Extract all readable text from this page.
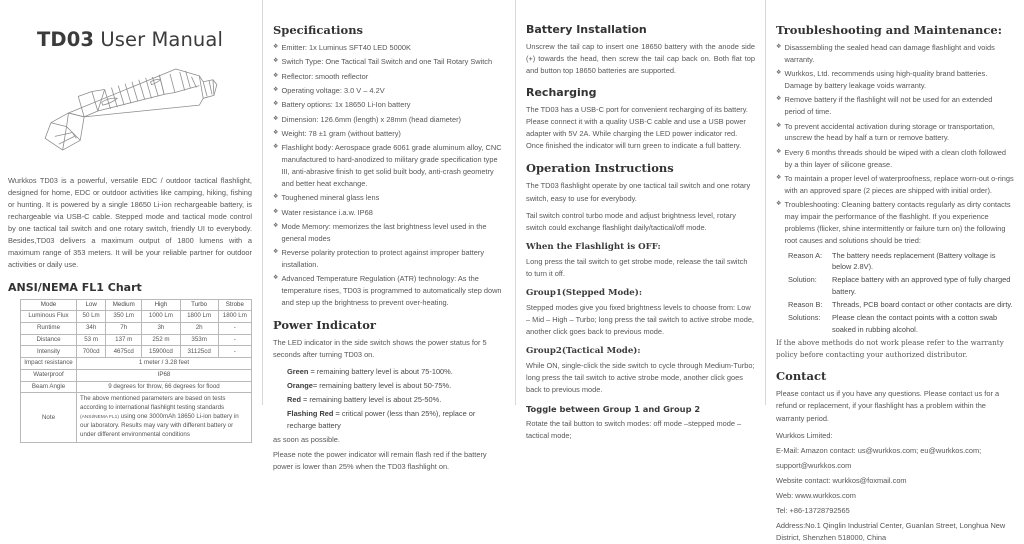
TD03 User Manual

Wurkkos TD03 is a powerful, versatile EDC / outdoor tactical flashlight, designed for home, EDC or outdoor activities like camping, hiking, fishing or hunting. It is powered by a single 18650 Li-ion rechargeable battery, is rechargeable via USB-C cable. Stepped mode and tactical mode control by one tactical tail switch and one rotary switch, friendly UI to everybody. Besides,TD03 delivers a maximum output of 1800 lumens with a maximum range of 353 meters. It will be your reliable partner for outdoor activities or daily use.

ANSI/NEMA FL1 Chart
Mode	Low	Medium	High	Turbo	Strobe
Luminous Flux	50 Lm	350 Lm	1000 Lm	1800 Lm	1800 Lm
Runtime	34h	7h	3h	2h	-
Distance	53 m	137 m	252 m	353m	-
Intensity	700cd	4675cd	15900cd	31125cd	-
Impact resistance	1 meter / 3.28 feet				
Waterproof	IP68				
Beam Angle	9 degrees for throw, 66 degrees for flood				
Note	The above mentioned parameters are based on tests according to international flashlight testing standards (ANSI/NEMA FL1) using one 3000mAh 18650 Li-ion battery in our laboratory. Results may vary with different battery or under different environmental conditions				
Specifications
❖ Emitter: 1x Luminus SFT40 LED 5000K
❖ Switch Type: One Tactical Tail Switch and one Tail Rotary Switch
❖ Reflector: smooth reflector
❖ Operating voltage: 3.0 V – 4.2V
❖ Battery options: 1x 18650 Li-Ion battery
❖ Dimension: 126.6mm (length) x 28mm (head diameter)
❖ Weight: 78 ±1 gram (without battery)
❖ Flashlight body: Aerospace grade 6061 grade aluminum alloy, CNC manufactured to hard-anodized to military grade specification type III, anti-abrasive finish to get solid built body, anti-crash geometry and better heat exchange.
❖ Toughened mineral glass lens
❖ Water resistance i.a.w. IP68
❖ Mode Memory: memorizes the last brightness level used in the general modes
❖ Reverse polarity protection to protect against improper battery installation.
❖ Advanced Temperature Regulation (ATR) technology: As the temperature rises, TD03 is programmed to automatically step down and step up the brightness to prevent over-heating.
Power Indicator

The LED indicator in the side switch shows the power status for 5 seconds after turning TD03 on.

Green = remaining battery level is about 75-100%.
Orange= remaining battery level is about 50-75%.
Red = remaining battery level is about 25-50%.
Flashing Red = critical power (less than 25%), replace or recharge battery

as soon as possible.

Please note the power indicator will remain flash red if the battery power is lower than 25% when the TD03 flashlight on.

Battery Installation

Unscrew the tail cap to insert one 18650 battery with the anode side (+) towards the head, then screw the tail cap back on. Both flat top and button top 18650 batteries are supported.

Recharging

The TD03 has a USB-C port for convenient recharging of its battery. Please connect it with a quality USB-C cable and use a USB power adapter with 5V 2A. While charging the LED power indicator red. Once finished the indicator will turn green to indicate a full battery.

Operation Instructions

The TD03 flashlight operate by one tactical tail switch and one rotary switch, easy to use for everybody.

Tail switch control turbo mode and adjust brightness level, rotary switch could exchange flashlight daily/tactical/off mode.

When the Flashlight is OFF:

Long press the tail switch to get strobe mode, release the tail switch to turn it off.

Group1(Stepped Mode):

Stepped modes give you fixed brightness levels to choose from: Low – Mid – High – Turbo; long press the tail switch to active strobe mode, another click goes back to previous mode.

Group2(Tactical Mode):

While ON, single-click the side switch to cycle through Medium-Turbo; long press the tail switch to active strobe mode, another click goes back to previous mode.

Toggle between Group 1 and Group 2

Rotate the tail button to switch modes: off mode –stepped mode – tactical mode;

Troubleshooting and Maintenance:
❖ Disassembling the sealed head can damage flashlight and voids warranty.
❖ Wurkkos, Ltd. recommends using high-quality brand batteries. Damage by battery leakage voids warranty.
❖ Remove battery if the flashlight will not be used for an extended period of time.
❖ To prevent accidental activation during storage or transportation, unscrew the head by half a turn or remove battery.
❖ Every 6 months threads should be wiped with a clean cloth followed by a thin layer of silicone grease.
❖ To maintain a proper level of waterproofness, replace worn-out o-rings with an approved spare (2 pieces are shipped with initial order).
❖ Troubleshooting: Cleaning battery contacts regularly as dirty contacts may impair the performance of the flashlight. If you experience problems (flicker, shine intermittently or failure turn on) the following root causes and solutions should be tried:
Reason A:	The battery needs replacement (Battery voltage is below 2.8V).
Solution:	Replace battery with an approved type of fully charged battery.
Reason B:	Threads, PCB board contact or other contacts are dirty.
Solutions:	Please clean the contact points with a cotton swab soaked in rubbing alcohol.

If the above methods do not work please refer to the warranty policy before contacting your authorized distributor.

Contact

Please contact us if you have any questions. Please contact us for a refund or replacement, if your flashlight has a problem within the warranty period.

Wurkkos Limited:

E-Mail: Amazon contact: us@wurkkos.com; eu@wurkkos.com;

support@wurkkos.com

Website contact: wurkkos@foxmail.com

Web: www.wurkkos.com

Tel: +86-13728792565

Address:No.1 Qinglin Industrial Center, Guanlan Street, Longhua New District, Shenzhen 518000, China
